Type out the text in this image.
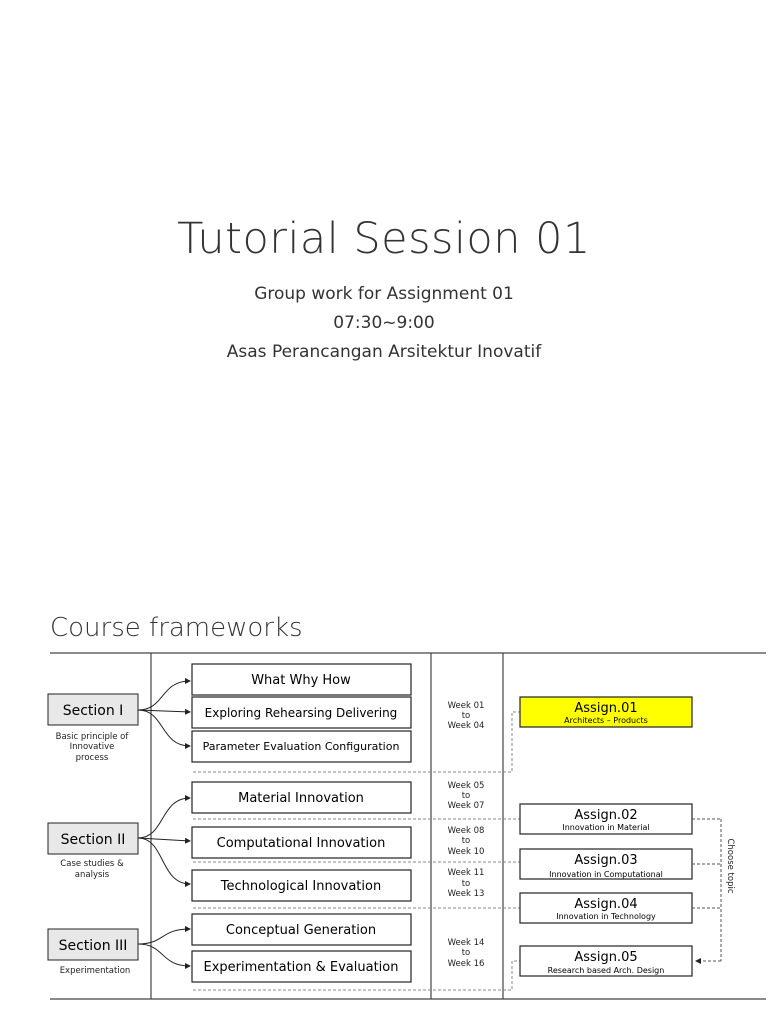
Tutorial Session 01
Group work for Assignment 01
07:30~9:00
Asas Perancangan Arsitektur Inovatif
Course frameworks
Section I
Section II
Section III
Basic principle of
Innovative
process
Case studies &
analysis
Experimentation
What Why How
Exploring Rehearsing Delivering
Parameter Evaluation Configuration
Material Innovation
Computational Innovation
Technological Innovation
Conceptual Generation
Experimentation & Evaluation
Week 01
to
Week 04
Week 05
to
Week 07
Week 08
to
Week 10
Week 11
to
Week 13
Week 14
to
Week 16
Assign.01
Architects – Products
Assign.02
Innovation in Material
Assign.03
Innovation in Computational
Assign.04
Innovation in Technology
Assign.05
Research based Arch. Design
Choose topic
